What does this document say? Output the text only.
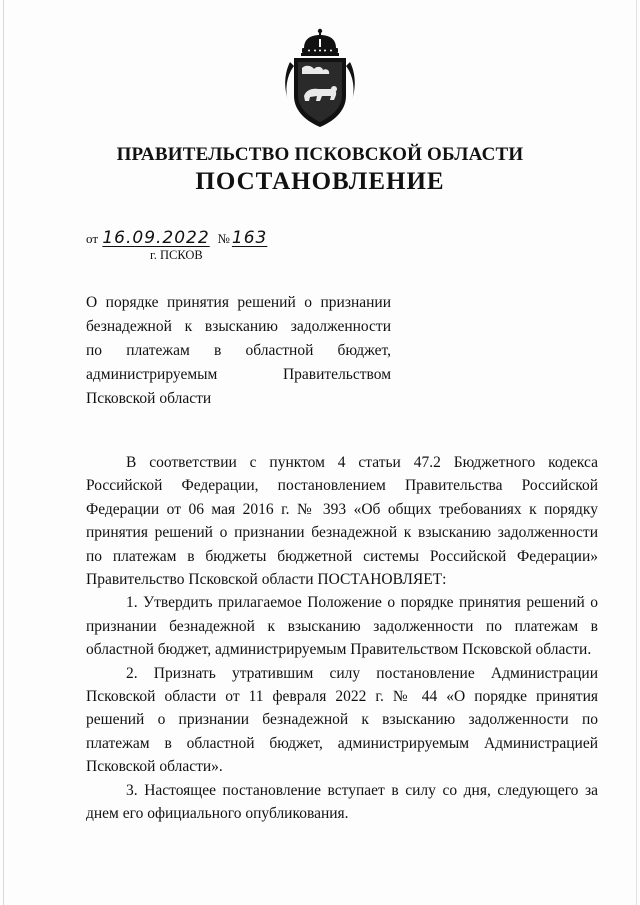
ПРАВИТЕЛЬСТВО ПСКОВСКОЙ ОБЛАСТИ
ПОСТАНОВЛЕНИЕ
от 16.09.2022 № 163
г. ПСКОВ
О порядке принятия решений о признании
безнадежной к взысканию задолженности
по платежам в областной бюджет,
администрируемым Правительством
Псковской области

В соответствии с пунктом 4 статьи 47.2 Бюджетного кодекса Российской Федерации, постановлением Правительства Российской Федерации от 06 мая 2016 г. № 393 «Об общих требованиях к порядку принятия решений о признании безнадежной к взысканию задолженности по платежам в бюджеты бюджетной системы Российской Федерации» Правительство Псковской области ПОСТАНОВЛЯЕТ:

1. Утвердить прилагаемое Положение о порядке принятия решений о признании безнадежной к взысканию задолженности по платежам в областной бюджет, администрируемым Правительством Псковской области.

2. Признать утратившим силу постановление Администрации Псковской области от 11 февраля 2022 г. № 44 «О порядке принятия решений о признании безнадежной к взысканию задолженности по платежам в областной бюджет, администрируемым Администрацией Псковской области».

3. Настоящее постановление вступает в силу со дня, следующего за днем его официального опубликования.
